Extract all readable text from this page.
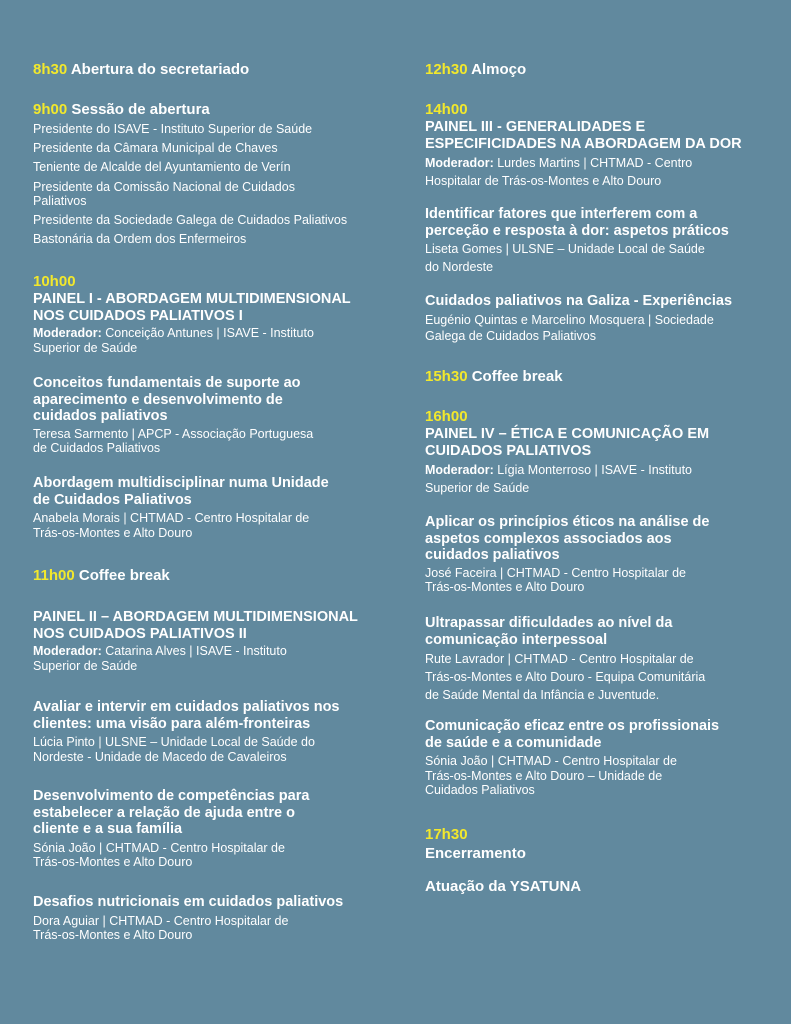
8h30 Abertura do secretariado
9h00 Sessão de abertura
Presidente do ISAVE - Instituto Superior de Saúde
Presidente da Câmara Municipal de Chaves
Teniente de Alcalde del Ayuntamiento de Verín
Presidente da Comissão Nacional de Cuidados
Paliativos
Presidente da Sociedade Galega de Cuidados Paliativos
Bastonária da Ordem dos Enfermeiros
10h00
PAINEL I - ABORDAGEM MULTIDIMENSIONAL
NOS CUIDADOS PALIATIVOS I
Moderador: Conceição Antunes | ISAVE - Instituto
Superior de Saúde
Conceitos fundamentais de suporte ao
aparecimento e desenvolvimento de
cuidados paliativos
Teresa Sarmento | APCP - Associação Portuguesa
de Cuidados Paliativos
Abordagem multidisciplinar numa Unidade
de Cuidados Paliativos
Anabela Morais | CHTMAD - Centro Hospitalar de
Trás-os-Montes e Alto Douro
11h00 Coffee break
PAINEL II – ABORDAGEM MULTIDIMENSIONAL
NOS CUIDADOS PALIATIVOS II
Moderador: Catarina Alves | ISAVE - Instituto
Superior de Saúde
Avaliar e intervir em cuidados paliativos nos
clientes: uma visão para além-fronteiras
Lúcia Pinto | ULSNE – Unidade Local de Saúde do
Nordeste - Unidade de Macedo de Cavaleiros
Desenvolvimento de competências para
estabelecer a relação de ajuda entre o
cliente e a sua família
Sónia João | CHTMAD - Centro Hospitalar de
Trás-os-Montes e Alto Douro
Desafios nutricionais em cuidados paliativos
Dora Aguiar | CHTMAD - Centro Hospitalar de
Trás-os-Montes e Alto Douro
12h30 Almoço
14h00
PAINEL III - GENERALIDADES E
ESPECIFICIDADES NA ABORDAGEM DA DOR
Moderador: Lurdes Martins | CHTMAD - Centro
Hospitalar de Trás-os-Montes e Alto Douro
Identificar fatores que interferem com a
perceção e resposta à dor: aspetos práticos
Liseta Gomes | ULSNE – Unidade Local de Saúde
do Nordeste
Cuidados paliativos na Galiza - Experiências
Eugénio Quintas e Marcelino Mosquera | Sociedade
Galega de Cuidados Paliativos
15h30 Coffee break
16h00
PAINEL IV – ÉTICA E COMUNICAÇÃO EM
CUIDADOS PALIATIVOS
Moderador: Lígia Monterroso | ISAVE - Instituto
Superior de Saúde
Aplicar os princípios éticos na análise de
aspetos complexos associados aos
cuidados paliativos
José Faceira | CHTMAD - Centro Hospitalar de
Trás-os-Montes e Alto Douro
Ultrapassar dificuldades ao nível da
comunicação interpessoal
Rute Lavrador | CHTMAD - Centro Hospitalar de
Trás-os-Montes e Alto Douro - Equipa Comunitária
de Saúde Mental da Infância e Juventude.
Comunicação eficaz entre os profissionais
de saúde e a comunidade
Sónia João | CHTMAD - Centro Hospitalar de
Trás-os-Montes e Alto Douro – Unidade de
Cuidados Paliativos
17h30
Encerramento
Atuação da YSATUNA
